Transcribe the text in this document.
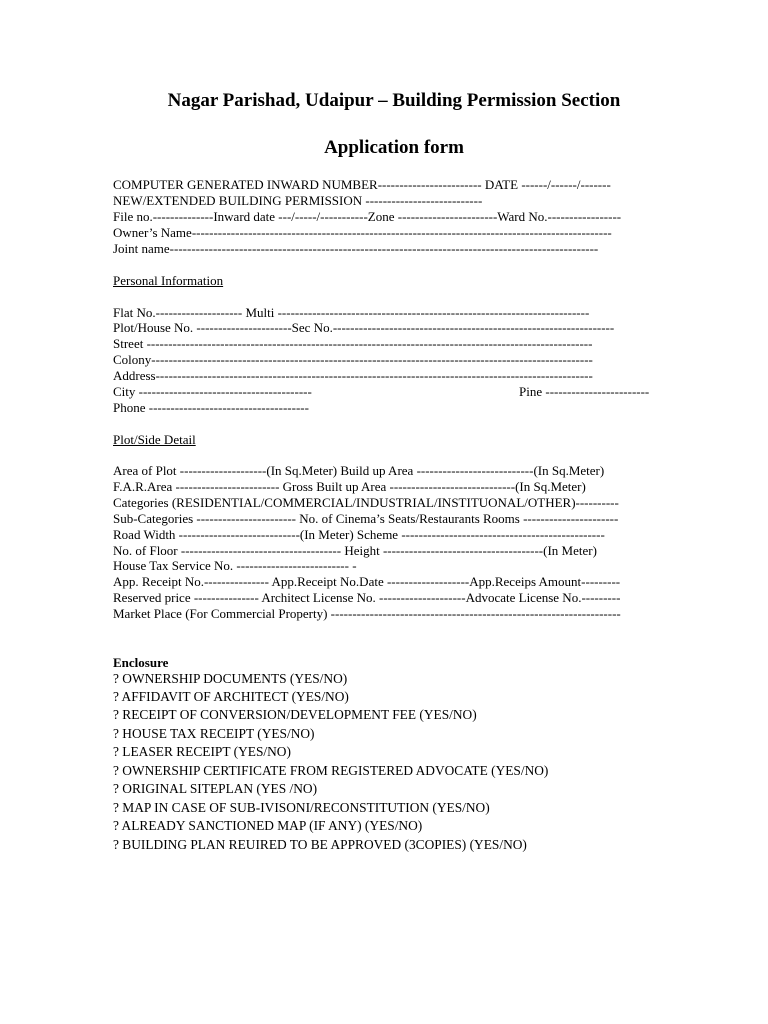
Nagar Parishad, Udaipur – Building Permission Section
Application form
COMPUTER GENERATED INWARD NUMBER------------------------ DATE ------/------/-------
NEW/EXTENDED BUILDING PERMISSION ---------------------------
File no.--------------Inward date ---/-----/-----------Zone -----------------------Ward No.-----------------
Owner’s Name-------------------------------------------------------------------------------------------------
Joint name---------------------------------------------------------------------------------------------------
Personal Information
Flat No.-------------------- Multi ------------------------------------------------------------------------
Plot/House No. ----------------------Sec No.-----------------------------------------------------------------
Street -------------------------------------------------------------------------------------------------------
Colony------------------------------------------------------------------------------------------------------
Address-----------------------------------------------------------------------------------------------------
City ----------------------------------------	Pine ------------------------
Phone -------------------------------------
Plot/Side Detail
Area of Plot --------------------(In Sq.Meter) Build up Area ---------------------------(In Sq.Meter)
F.A.R.Area ------------------------ Gross Built up Area -----------------------------(In Sq.Meter)
Categories (RESIDENTIAL/COMMERCIAL/INDUSTRIAL/INSTITUONAL/OTHER)----------
Sub-Categories ----------------------- No. of Cinema’s Seats/Restaurants Rooms ----------------------
Road Width ----------------------------(In Meter) Scheme -----------------------------------------------
No. of Floor ------------------------------------- Height -------------------------------------(In Meter)
House Tax Service No. -------------------------- -
App. Receipt No.--------------- App.Receipt No.Date -------------------App.Receips Amount---------
Reserved price --------------- Architect License No. --------------------Advocate License No.---------
Market Place (For Commercial Property) -------------------------------------------------------------------
Enclosure
? OWNERSHIP DOCUMENTS (YES/NO)
? AFFIDAVIT OF ARCHITECT (YES/NO)
? RECEIPT OF CONVERSION/DEVELOPMENT FEE (YES/NO)
? HOUSE TAX RECEIPT (YES/NO)
? LEASER RECEIPT (YES/NO)
? OWNERSHIP CERTIFICATE FROM REGISTERED ADVOCATE (YES/NO)
? ORIGINAL SITEPLAN (YES /NO)
? MAP IN CASE OF SUB-IVISONI/RECONSTITUTION (YES/NO)
? ALREADY SANCTIONED MAP (IF ANY) (YES/NO)
? BUILDING PLAN REUIRED TO BE APPROVED (3COPIES) (YES/NO)
